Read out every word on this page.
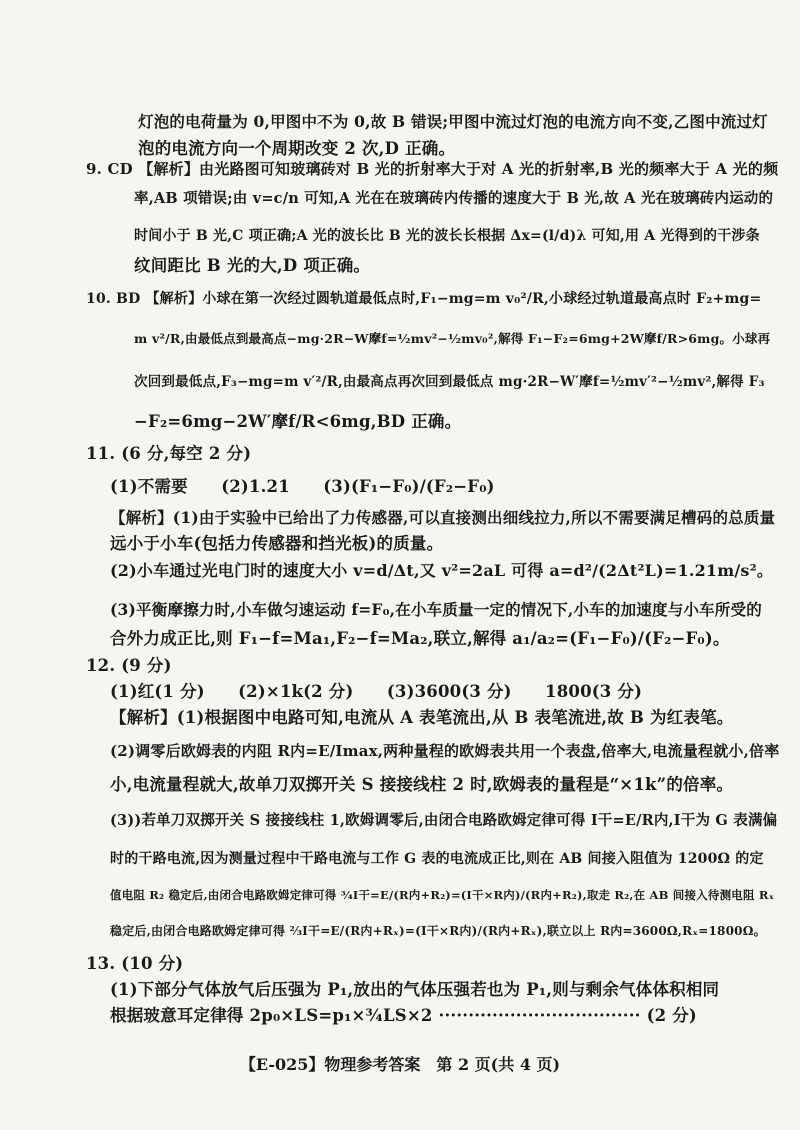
灯泡的电荷量为 0,甲图中不为 0,故 B 错误;甲图中流过灯泡的电流方向不变,乙图中流过灯
泡的电流方向一个周期改变 2 次,D 正确。
9. CD 【解析】由光路图可知玻璃砖对 B 光的折射率大于对 A 光的折射率,B 光的频率大于 A 光的频
率,AB 项错误;由 v=c/n 可知,A 光在在玻璃砖内传播的速度大于 B 光,故 A 光在玻璃砖内运动的
时间小于 B 光,C 项正确;A 光的波长比 B 光的波长长根据 Δx=(l/d)λ 可知,用 A 光得到的干涉条
纹间距比 B 光的大,D 项正确。
10. BD 【解析】小球在第一次经过圆轨道最低点时,F₁−mg=m v₀²/R,小球经过轨道最高点时 F₂+mg=
m v²/R,由最低点到最高点−mg·2R−W摩f=½mv²−½mv₀²,解得 F₁−F₂=6mg+2W摩f/R>6mg。小球再
次回到最低点,F₃−mg=m v′²/R,由最高点再次回到最低点 mg·2R−W′摩f=½mv′²−½mv²,解得 F₃
−F₂=6mg−2W′摩f/R<6mg,BD 正确。
11. (6 分,每空 2 分)
(1)不需要　　(2)1.21　　(3)(F₁−F₀)/(F₂−F₀)
【解析】(1)由于实验中已给出了力传感器,可以直接测出细线拉力,所以不需要满足槽码的总质量
远小于小车(包括力传感器和挡光板)的质量。
(2)小车通过光电门时的速度大小 v=d/Δt,又 v²=2aL 可得 a=d²/(2Δt²L)=1.21m/s²。
(3)平衡摩擦力时,小车做匀速运动 f=F₀,在小车质量一定的情况下,小车的加速度与小车所受的
合外力成正比,则 F₁−f=Ma₁,F₂−f=Ma₂,联立,解得 a₁/a₂=(F₁−F₀)/(F₂−F₀)。
12. (9 分)
(1)红(1 分)　　(2)×1k(2 分)　　(3)3600(3 分)　　1800(3 分)
【解析】(1)根据图中电路可知,电流从 A 表笔流出,从 B 表笔流进,故 B 为红表笔。
(2)调零后欧姆表的内阻 R内=E/Imax,两种量程的欧姆表共用一个表盘,倍率大,电流量程就小,倍率
小,电流量程就大,故单刀双掷开关 S 接接线柱 2 时,欧姆表的量程是“×1k”的倍率。
(3))若单刀双掷开关 S 接接线柱 1,欧姆调零后,由闭合电路欧姆定律可得 I干=E/R内,I干为 G 表满偏
时的干路电流,因为测量过程中干路电流与工作 G 表的电流成正比,则在 AB 间接入阻值为 1200Ω 的定
值电阻 R₂ 稳定后,由闭合电路欧姆定律可得 ¾I干=E/(R内+R₂)=(I干×R内)/(R内+R₂),取走 R₂,在 AB 间接入待测电阻 Rₓ
稳定后,由闭合电路欧姆定律可得 ⅔I干=E/(R内+Rₓ)=(I干×R内)/(R内+Rₓ),联立以上 R内=3600Ω,Rₓ=1800Ω。
13. (10 分)
(1)下部分气体放气后压强为 P₁,放出的气体压强若也为 P₁,则与剩余气体体积相同
根据玻意耳定律得 2p₀×LS=p₁×¾LS×2 ·································· (2 分)
【E-025】物理参考答案　第 2 页(共 4 页)
